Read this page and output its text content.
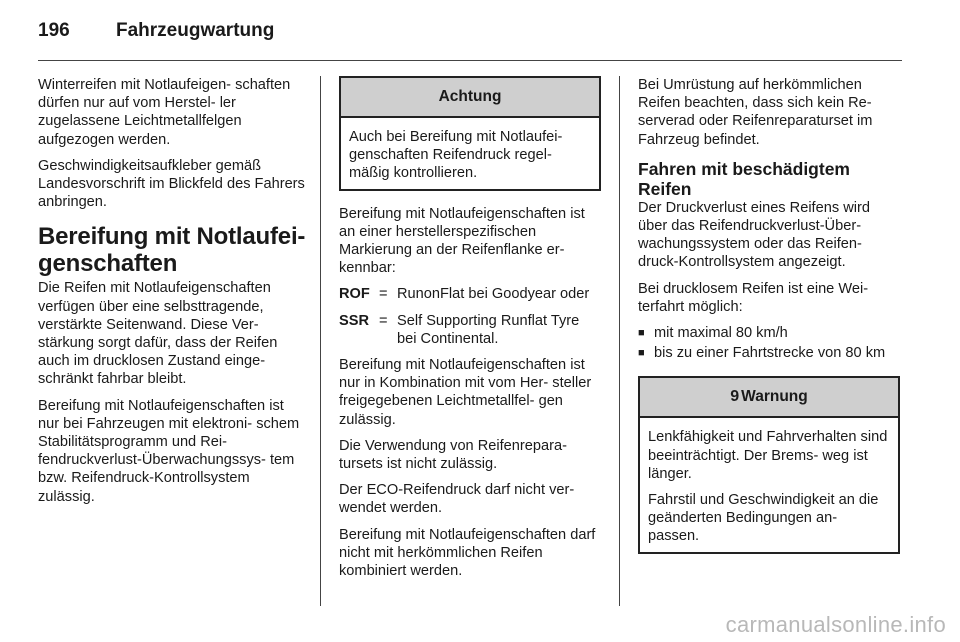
196	Fahrzeugwartung

Winterreifen mit Notlaufeigen- schaften dürfen nur auf vom Herstel- ler zugelassene Leichtmetallfelgen aufgezogen werden.

Geschwindigkeitsaufkleber gemäß Landesvorschrift im Blickfeld des Fahrers anbringen.

Bereifung mit Notlaufei- genschaften

Die Reifen mit Notlaufeigenschaften verfügen über eine selbsttragende, verstärkte Seitenwand. Diese Ver- stärkung sorgt dafür, dass der Reifen auch im drucklosen Zustand einge- schränkt fahrbar bleibt.

Bereifung mit Notlaufeigenschaften ist nur bei Fahrzeugen mit elektroni- schem Stabilitätsprogramm und Rei- fendruckverlust-Überwachungssys- tem bzw. Reifendruck-Kontrollsystem zulässig.

Achtung

Auch bei Bereifung mit Notlaufei- genschaften Reifendruck regel- mäßig kontrollieren.

Bereifung mit Notlaufeigenschaften ist an einer herstellerspezifischen Markierung an der Reifenflanke er- kennbar:

ROF = RunonFlat bei Goodyear oder
SSR = Self Supporting Runflat Tyre bei Continental.

Bereifung mit Notlaufeigenschaften ist nur in Kombination mit vom Her- steller freigegebenen Leichtmetallfel- gen zulässig.

Die Verwendung von Reifenrepara- tursets ist nicht zulässig.

Der ECO-Reifendruck darf nicht ver- wendet werden.

Bereifung mit Notlaufeigenschaften darf nicht mit herkömmlichen Reifen kombiniert werden.

Bei Umrüstung auf herkömmlichen Reifen beachten, dass sich kein Re- serverad oder Reifenreparaturset im Fahrzeug befindet.

Fahren mit beschädigtem Reifen

Der Druckverlust eines Reifens wird über das Reifendruckverlust-Über- wachungssystem oder das Reifen- druck-Kontrollsystem angezeigt.

Bei drucklosem Reifen ist eine Wei- terfahrt möglich:

■ mit maximal 80 km/h
■ bis zu einer Fahrtstrecke von 80 km
9 Warnung

Lenkfähigkeit und Fahrverhalten sind beeinträchtigt. Der Brems- weg ist länger.

Fahrstil und Geschwindigkeit an die geänderten Bedingungen an- passen.

carmanualsonline.info
